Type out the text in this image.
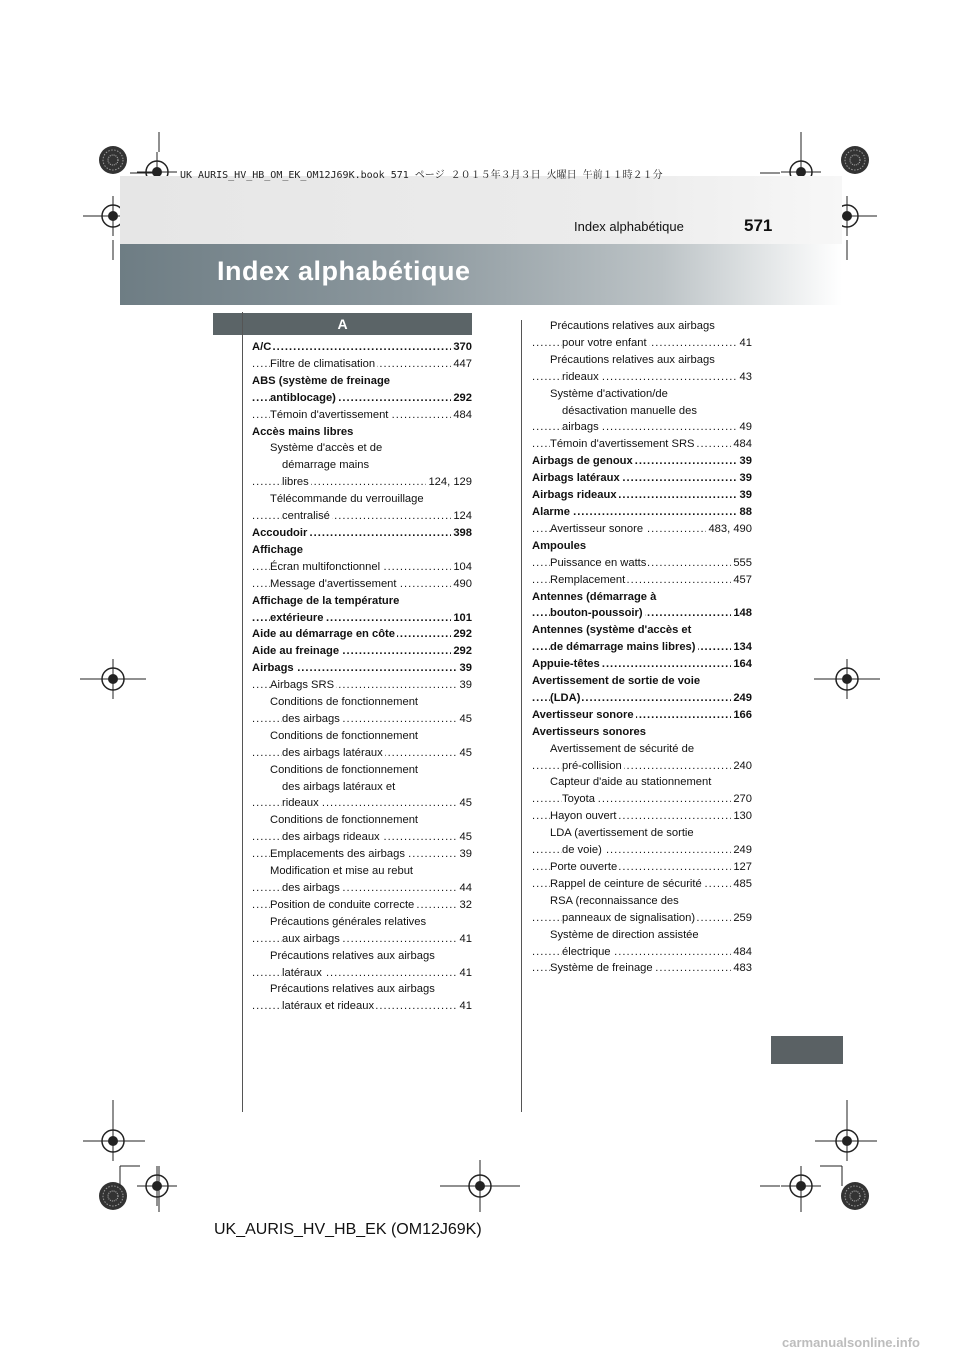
UK AURIS_HV_HB_OM_EK_OM12J69K.book 571 ページ ２０１５年３月３日 火曜日 午前１１時２１分
Index alphabétique	571
Index alphabétique
A
A/C	370
.....
Filtre de climatisation	447
.....
ABS (système de freinage
antiblocage)	292
.....
Témoin d'avertissement	484
.....
Accès mains libres
Système d'accès et de
démarrage mains
libres	124, 129
.....
Télécommande du verrouillage
centralisé	124
.....
Accoudoir	398
.....
Affichage
Écran multifonctionnel	104
.....
Message d'avertissement	490
.....
Affichage de la température
extérieure	101
.....
Aide au démarrage en côte	292
.....
Aide au freinage	292
.....
Airbags	39
.....
Airbags SRS	39
.....
Conditions de fonctionnement
des airbags	45
.....
Conditions de fonctionnement
des airbags latéraux	45
.....
Conditions de fonctionnement
des airbags latéraux et
rideaux	45
.....
Conditions de fonctionnement
des airbags rideaux	45
.....
Emplacements des airbags	39
.....
Modification et mise au rebut
des airbags	44
.....
Position de conduite correcte	32
.....
Précautions générales relatives
aux airbags	41
.....
Précautions relatives aux airbags
latéraux	41
.....
Précautions relatives aux airbags
latéraux et rideaux	41
.....
Précautions relatives aux airbags
pour votre enfant	41
.....
Précautions relatives aux airbags
rideaux	43
.....
Système d'activation/de
désactivation manuelle des
airbags	49
.....
Témoin d'avertissement SRS	484
.....
Airbags de genoux	39
.....
Airbags latéraux	39
.....
Airbags rideaux	39
.....
Alarme	88
.....
Avertisseur sonore	483, 490
.....
Ampoules
Puissance en watts	555
.....
Remplacement	457
.....
Antennes (démarrage à
bouton-poussoir)	148
.....
Antennes (système d'accès et
de démarrage mains libres)	134
.....
Appuie-têtes	164
.....
Avertissement de sortie de voie
(LDA)	249
.....
Avertisseur sonore	166
.....
Avertisseurs sonores
Avertissement de sécurité de
pré-collision	240
.....
Capteur d'aide au stationnement
Toyota	270
.....
Hayon ouvert	130
.....
LDA (avertissement de sortie
de voie)	249
.....
Porte ouverte	127
.....
Rappel de ceinture de sécurité	485
.....
RSA (reconnaissance des
panneaux de signalisation)	259
.....
Système de direction assistée
électrique	484
.....
Système de freinage	483
.....
UK_AURIS_HV_HB_EK (OM12J69K)
carmanualsonline.info
